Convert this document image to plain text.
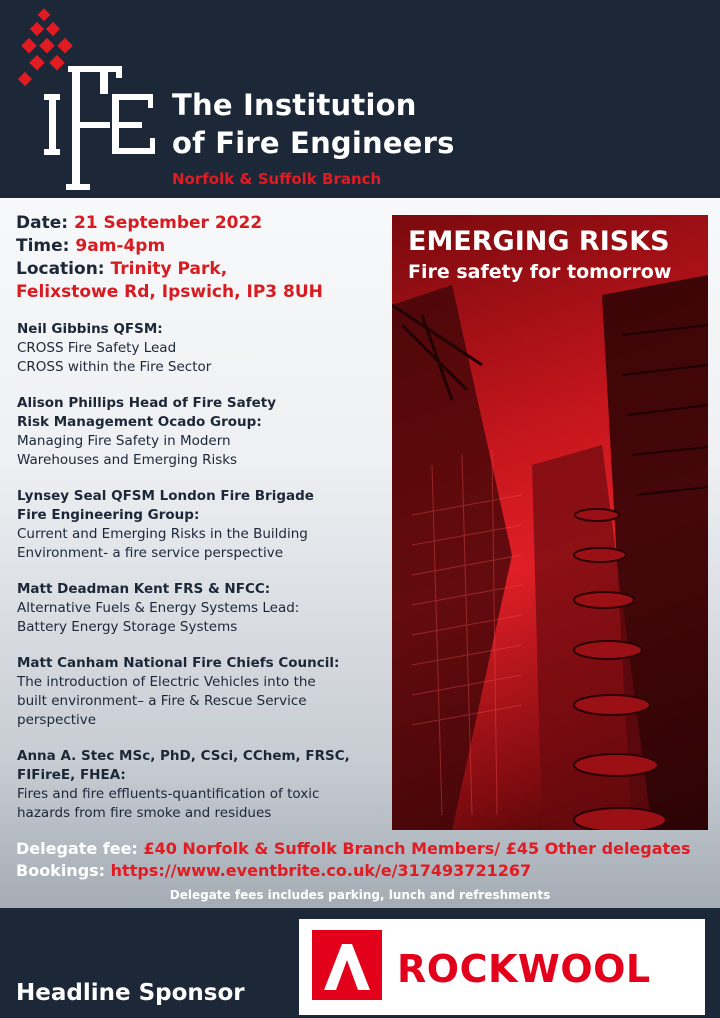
The Institution
of Fire Engineers
Norfolk & Suffolk Branch
Date: 21 September 2022
Time: 9am-4pm
Location: Trinity Park,
Felixstowe Rd, Ipswich, IP3 8UH
Neil Gibbins QFSM:
CROSS Fire Safety Lead
CROSS within the Fire Sector
Alison Phillips Head of Fire Safety
Risk Management Ocado Group:
Managing Fire Safety in Modern
Warehouses and Emerging Risks
Lynsey Seal QFSM London Fire Brigade
Fire Engineering Group:
Current and Emerging Risks in the Building
Environment- a fire service perspective
Matt Deadman Kent FRS & NFCC:
Alternative Fuels & Energy Systems Lead:
Battery Energy Storage Systems
Matt Canham National Fire Chiefs Council:
The introduction of Electric Vehicles into the
built environment– a Fire & Rescue Service
perspective
Anna A. Stec MSc, PhD, CSci, CChem, FRSC,
FIFireE, FHEA:
Fires and fire effluents-quantification of toxic
hazards from fire smoke and residues
EMERGING RISKS
Fire safety for tomorrow
Delegate fee: £40 Norfolk & Suffolk Branch Members/ £45 Other delegates
Bookings: https://www.eventbrite.co.uk/e/317493721267
Delegate fees includes parking, lunch and refreshments
Headline Sponsor
ROCKWOOL
